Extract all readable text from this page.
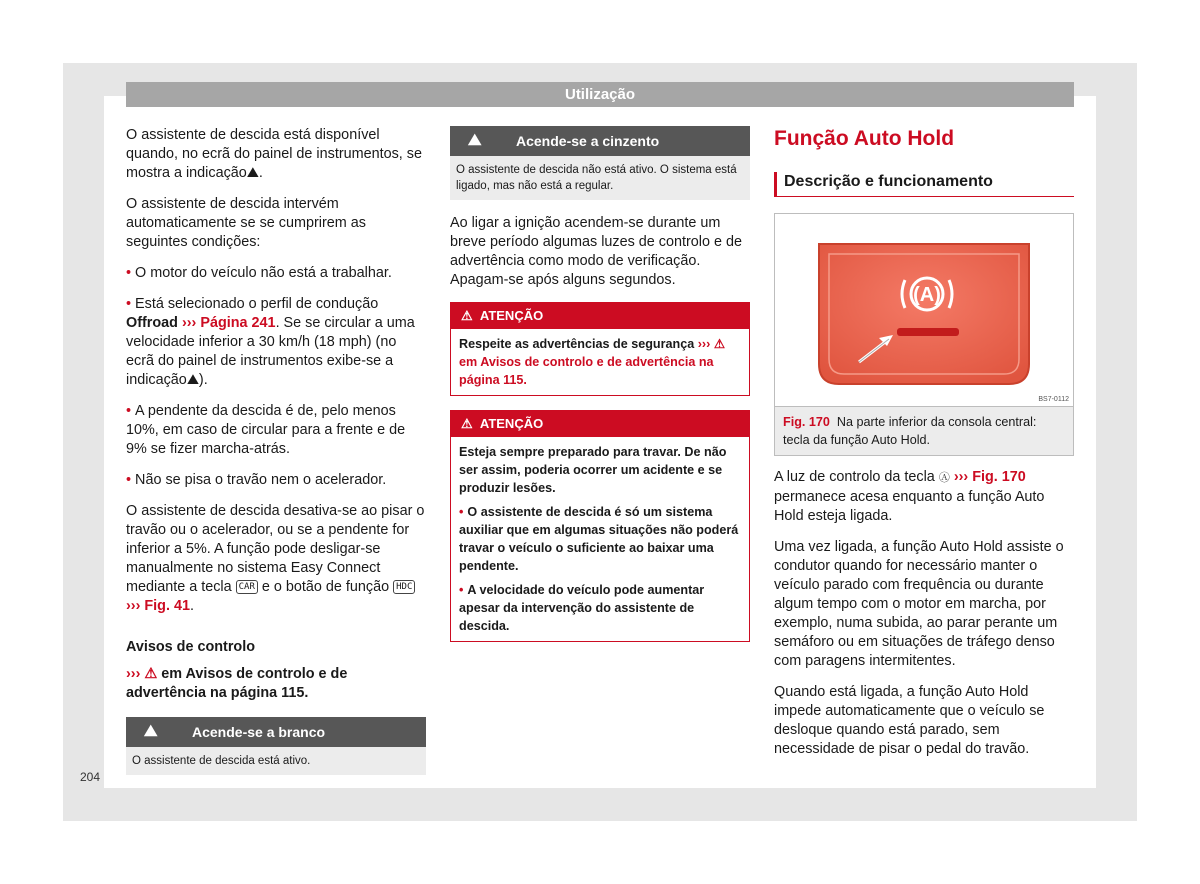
Utilização

O assistente de descida está disponível quando, no ecrã do painel de instrumentos, se mostra a indicação⛰.

O assistente de descida intervém automaticamente se se cumprirem as seguintes condições:

• O motor do veículo não está a trabalhar.

• Está selecionado o perfil de condução Offroad ››› Página 241. Se se circular a uma velocidade inferior a 30 km/h (18 mph) (no ecrã do painel de instrumentos exibe-se a indicação⛰).

• A pendente da descida é de, pelo menos 10%, em caso de circular para a frente e de 9% se fizer marcha-atrás.

• Não se pisa o travão nem o acelerador.

O assistente de descida desativa-se ao pisar o travão ou o acelerador, ou se a pendente for inferior a 5%. A função pode desligar-se manualmente no sistema Easy Connect mediante a tecla CAR e o botão de função HDC
››› Fig. 41.

Avisos de controlo

››› ⚠ em Avisos de controlo e de advertência na página 115.

⛰ Acende-se a branco
O assistente de descida está ativo.
⛰ Acende-se a cinzento
O assistente de descida não está ativo. O sistema está ligado, mas não está a regular.

Ao ligar a ignição acendem-se durante um breve período algumas luzes de controlo e de advertência como modo de verificação. Apagam-se após alguns segundos.

⚠ ATENÇÃO
Respeite as advertências de segurança ››› ⚠ em Avisos de controlo e de advertência na página 115.
⚠ ATENÇÃO

Esteja sempre preparado para travar. De não ser assim, poderia ocorrer um acidente e se produzir lesões.

• O assistente de descida é só um sistema auxiliar que em algumas situações não poderá travar o veículo o suficiente ao baixar uma pendente.

• A velocidade do veículo pode aumentar apesar da intervenção do assistente de descida.

Função Auto Hold
Descrição e funcionamento
(A)
BS7-0112
Fig. 170 Na parte inferior da consola central: tecla da função Auto Hold.

A luz de controlo da tecla Ⓐ ››› Fig. 170 permanece acesa enquanto a função Auto Hold esteja ligada.

Uma vez ligada, a função Auto Hold assiste o condutor quando for necessário manter o veículo parado com frequência ou durante algum tempo com o motor em marcha, por exemplo, numa subida, ao parar perante um semáforo ou em situações de tráfego denso com paragens intermitentes.

Quando está ligada, a função Auto Hold impede automaticamente que o veículo se desloque quando está parado, sem necessidade de pisar o pedal do travão.

204
